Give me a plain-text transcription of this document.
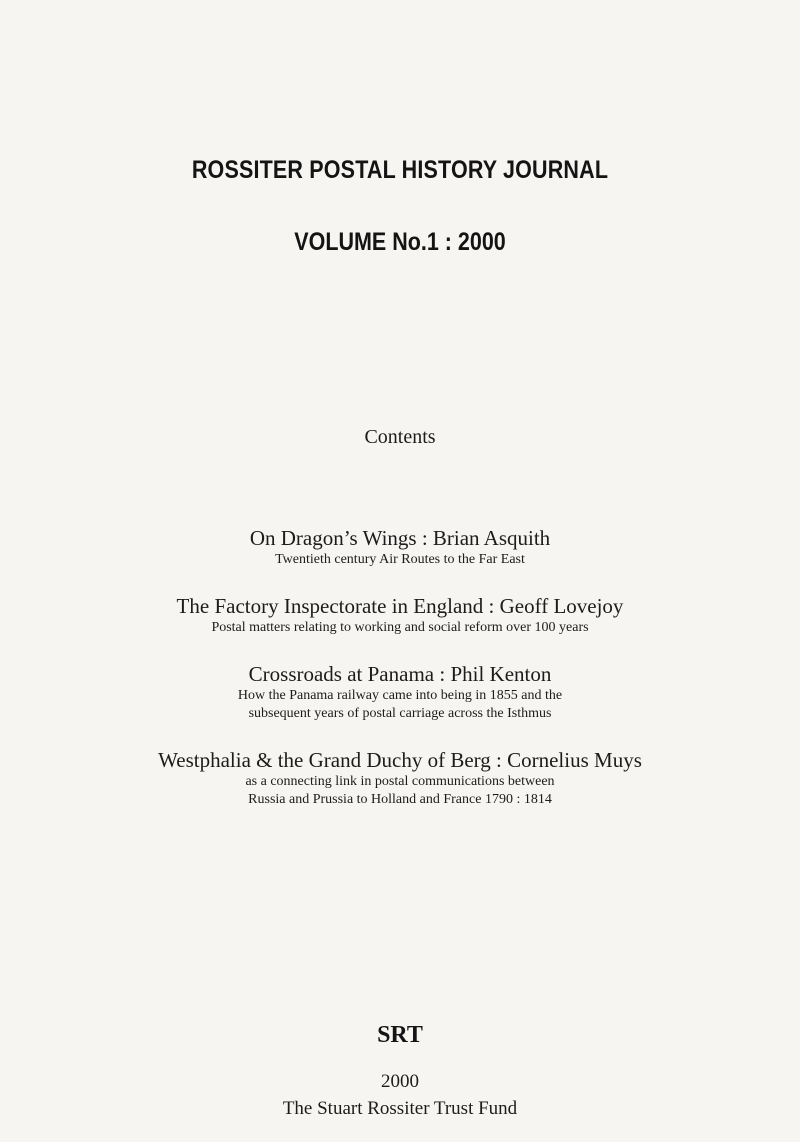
ROSSITER POSTAL HISTORY JOURNAL
VOLUME No.1 : 2000
Contents
On Dragon’s Wings : Brian Asquith
Twentieth century Air Routes to the Far East
The Factory Inspectorate in England : Geoff Lovejoy
Postal matters relating to working and social reform over 100 years
Crossroads at Panama : Phil Kenton
How the Panama railway came into being in 1855 and the
subsequent years of postal carriage across the Isthmus
Westphalia & the Grand Duchy of Berg : Cornelius Muys
as a connecting link in postal communications between
Russia and Prussia to Holland and France 1790 : 1814
SRT
2000
The Stuart Rossiter Trust Fund
